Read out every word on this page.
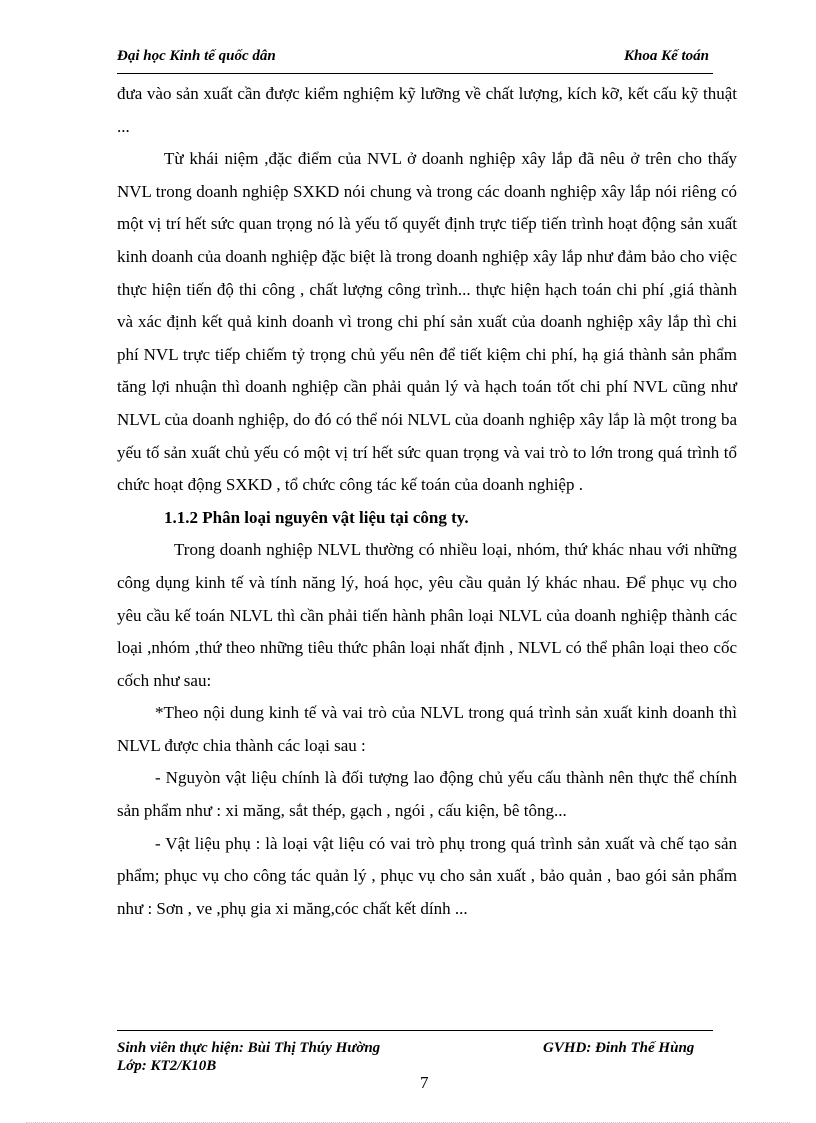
Đại học Kinh tế quốc dân	Khoa Kế toán

đưa vào sản xuất cần được kiểm nghiệm kỹ lưỡng về chất lượng, kích kỡ, kết cấu kỹ thuật ...

Từ khái niệm ,đặc điểm của NVL ở doanh nghiệp xây lắp đã nêu ở trên cho thấy NVL trong doanh nghiệp SXKD nói chung và trong các doanh nghiệp xây lắp nói riêng có một vị trí hết sức quan trọng nó là yếu tố quyết định trực tiếp tiến trình hoạt động sản xuất kinh doanh của doanh nghiệp đặc biệt là trong doanh nghiệp xây lắp như đảm bảo cho việc thực hiện tiến độ thi công , chất lượng công trình... thực hiện hạch toán chi phí ,giá thành và xác định kết quả kinh doanh vì trong chi phí sản xuất của doanh nghiệp xây lắp thì chi phí NVL trực tiếp chiếm tỷ trọng chủ yếu nên để tiết kiệm chi phí, hạ giá thành sản phẩm tăng lợi nhuận thì doanh nghiệp cần phải quản lý và hạch toán tốt chi phí NVL cũng như NLVL của doanh nghiệp, do đó có thể nói NLVL của doanh nghiệp xây lắp là một trong ba yếu tố sản xuất chủ yếu có một vị trí hết sức quan trọng và vai trò to lớn trong quá trình tổ chức hoạt động SXKD , tổ chức công tác kế toán của doanh nghiệp .

1.1.2 Phân loại nguyên vật liệu tại công ty.

Trong doanh nghiệp NLVL thường có nhiều loại, nhóm, thứ khác nhau với những công dụng kinh tế và tính năng lý, hoá học, yêu cầu quản lý khác nhau. Để phục vụ cho yêu cầu kế toán NLVL thì cần phải tiến hành phân loại NLVL của doanh nghiệp thành các loại ,nhóm ,thứ theo những tiêu thức phân loại nhất định , NLVL có thể phân loại theo cốc cốch như sau:

*Theo nội dung kinh tế và vai trò của NLVL trong quá trình sản xuất kinh doanh thì NLVL được chia thành các loại sau :

- Nguyòn vật liệu chính là đối tượng lao động chủ yếu cấu thành nên thực thể chính sản phẩm như : xi măng, sắt thép, gạch , ngói , cấu kiện, bê tông...

- Vật liệu phụ : là loại vật liệu có vai trò phụ trong quá trình sản xuất và chế tạo sản phẩm; phục vụ cho công tác quản lý , phục vụ cho sản xuất , bảo quản , bao gói sản phẩm như : Sơn , ve ,phụ gia xi măng,cóc chất kết dính ...

Sinh viên thực hiện: Bùi Thị Thúy Hường
Lớp: KT2/K10B
GVHD: Đinh Thế Hùng
7
